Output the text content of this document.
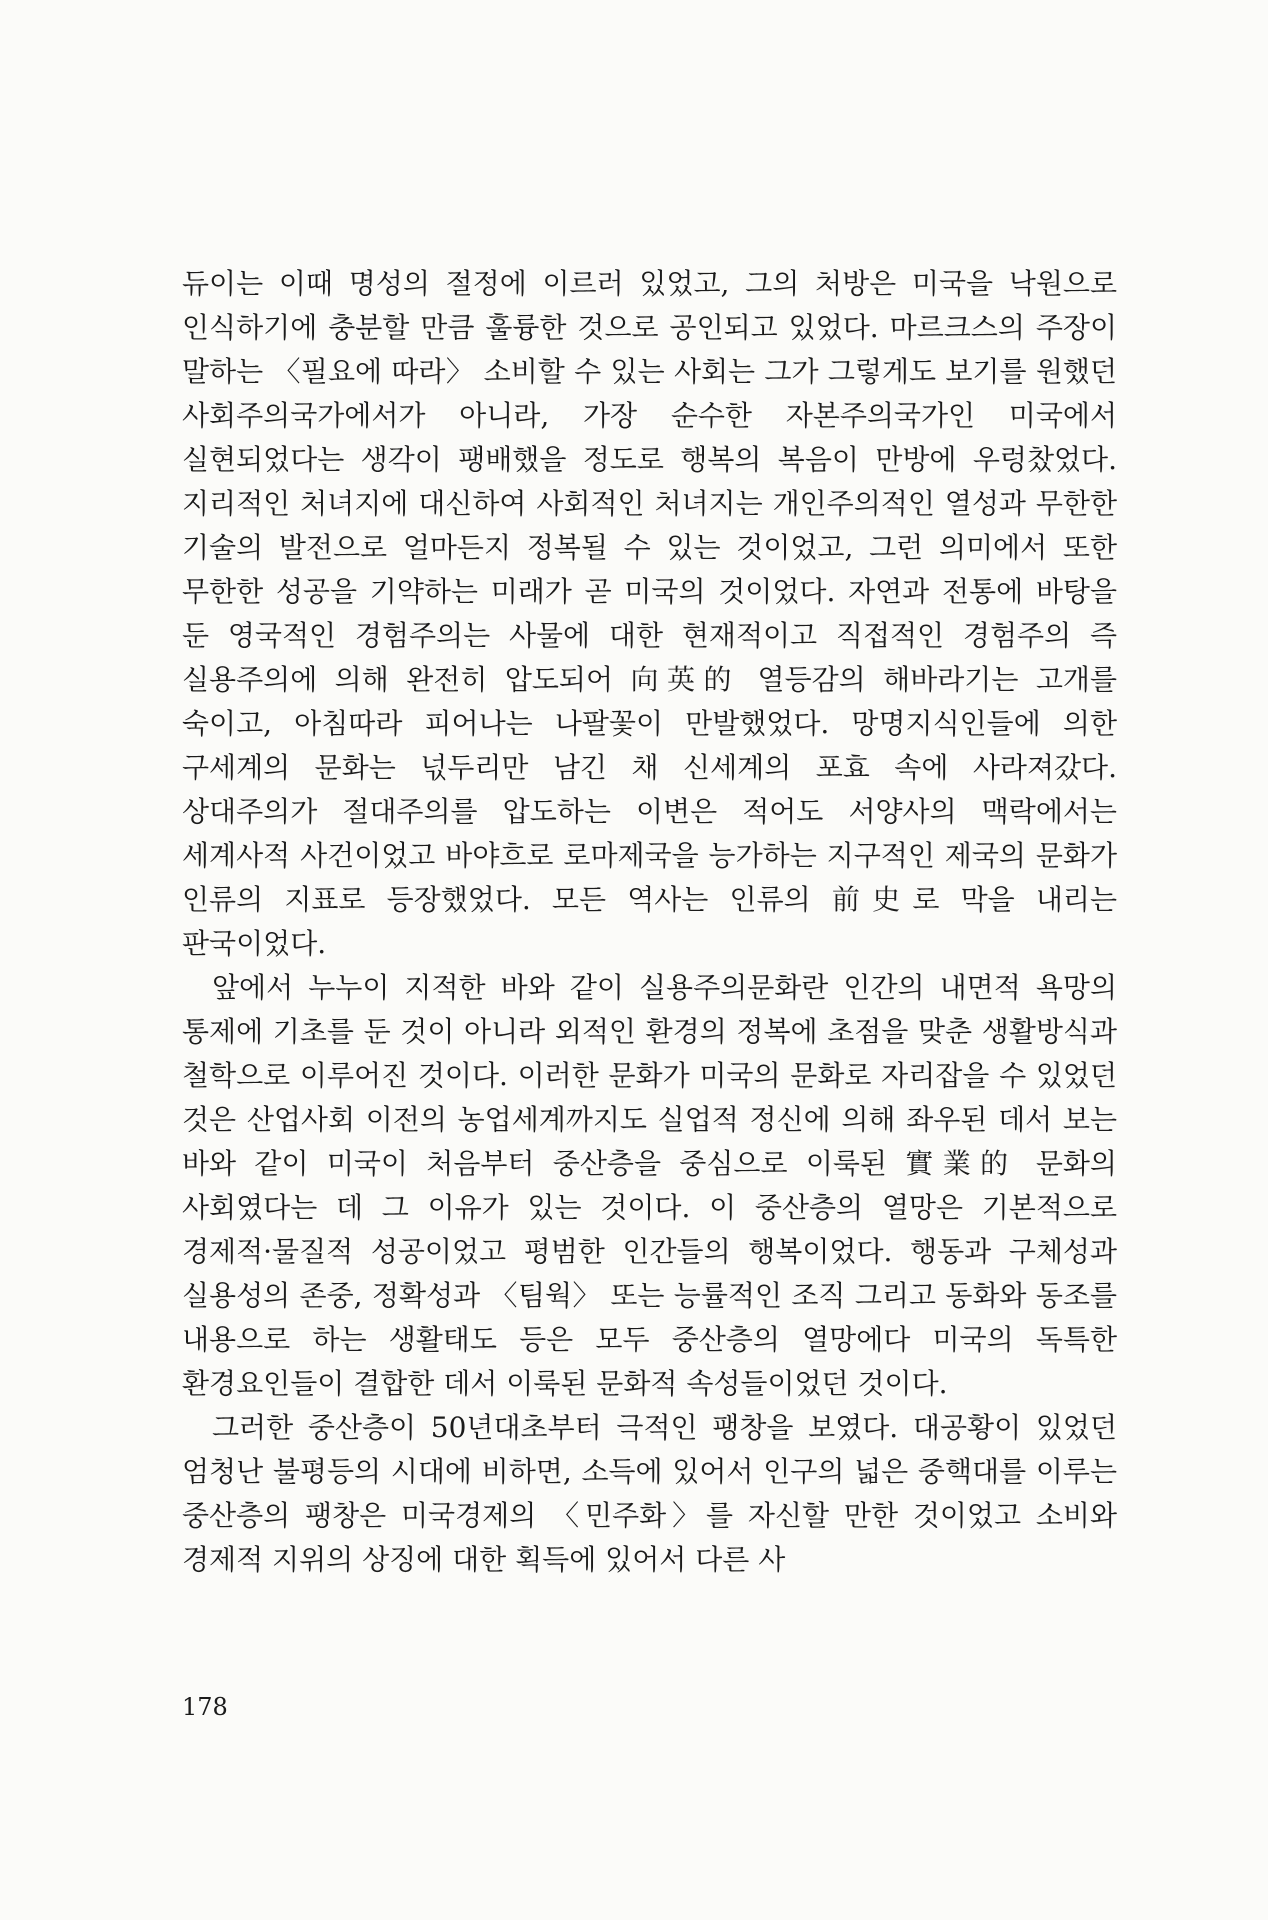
듀이는 이때 명성의 절정에 이르러 있었고, 그의 처방은 미국을 낙원으로 인식하기에 충분할 만큼 훌륭한 것으로 공인되고 있었다. 마르크스의 주장이 말하는 〈필요에 따라〉 소비할 수 있는 사회는 그가 그렇게도 보기를 원했던 사회주의국가에서가 아니라, 가장 순수한 자본주의국가인 미국에서 실현되었다는 생각이 팽배했을 정도로 행복의 복음이 만방에 우렁찼었다. 지리적인 처녀지에 대신하여 사회적인 처녀지는 개인주의적인 열성과 무한한 기술의 발전으로 얼마든지 정복될 수 있는 것이었고, 그런 의미에서 또한 무한한 성공을 기약하는 미래가 곧 미국의 것이었다. 자연과 전통에 바탕을 둔 영국적인 경험주의는 사물에 대한 현재적이고 직접적인 경험주의 즉 실용주의에 의해 완전히 압도되어 向英的 열등감의 해바라기는 고개를 숙이고, 아침따라 피어나는 나팔꽃이 만발했었다. 망명지식인들에 의한 구세계의 문화는 넋두리만 남긴 채 신세계의 포효 속에 사라져갔다. 상대주의가 절대주의를 압도하는 이변은 적어도 서양사의 맥락에서는 세계사적 사건이었고 바야흐로 로마제국을 능가하는 지구적인 제국의 문화가 인류의 지표로 등장했었다. 모든 역사는 인류의 前史로 막을 내리는 판국이었다.

앞에서 누누이 지적한 바와 같이 실용주의문화란 인간의 내면적 욕망의 통제에 기초를 둔 것이 아니라 외적인 환경의 정복에 초점을 맞춘 생활방식과 철학으로 이루어진 것이다. 이러한 문화가 미국의 문화로 자리잡을 수 있었던 것은 산업사회 이전의 농업세계까지도 실업적 정신에 의해 좌우된 데서 보는 바와 같이 미국이 처음부터 중산층을 중심으로 이룩된 實業的 문화의 사회였다는 데 그 이유가 있는 것이다. 이 중산층의 열망은 기본적으로 경제적·물질적 성공이었고 평범한 인간들의 행복이었다. 행동과 구체성과 실용성의 존중, 정확성과 〈팀웍〉 또는 능률적인 조직 그리고 동화와 동조를 내용으로 하는 생활태도 등은 모두 중산층의 열망에다 미국의 독특한 환경요인들이 결합한 데서 이룩된 문화적 속성들이었던 것이다.

그러한 중산층이 50년대초부터 극적인 팽창을 보였다. 대공황이 있었던 엄청난 불평등의 시대에 비하면, 소득에 있어서 인구의 넓은 중핵대를 이루는 중산층의 팽창은 미국경제의 〈민주화〉를 자신할 만한 것이었고 소비와 경제적 지위의 상징에 대한 획득에 있어서 다른 사

178
